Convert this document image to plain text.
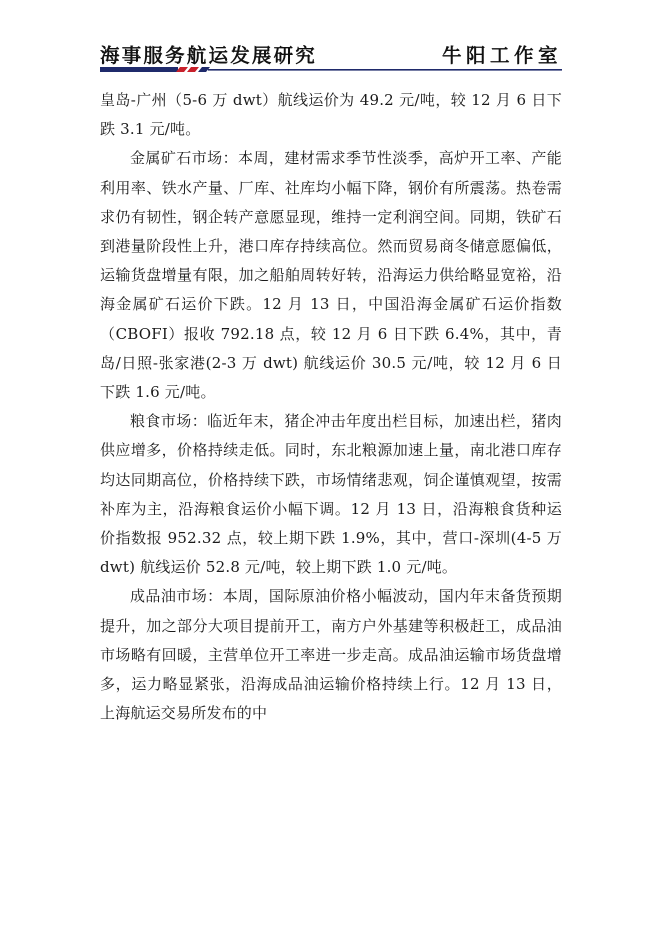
海事服务航运发展研究	牛阳工作室

皇岛-广州（5-6 万 dwt）航线运价为 49.2 元/吨，较 12 月 6 日下跌 3.1 元/吨。

金属矿石市场：本周，建材需求季节性淡季，高炉开工率、产能利用率、铁水产量、厂库、社库均小幅下降，钢价有所震荡。热卷需求仍有韧性，钢企转产意愿显现，维持一定利润空间。同期，铁矿石到港量阶段性上升，港口库存持续高位。然而贸易商冬储意愿偏低，运输货盘增量有限，加之船舶周转好转，沿海运力供给略显宽裕，沿海金属矿石运价下跌。12 月 13 日，中国沿海金属矿石运价指数（CBOFI）报收 792.18 点，较 12 月 6 日下跌 6.4%，其中，青岛/日照-张家港(2-3 万 dwt) 航线运价 30.5 元/吨，较 12 月 6 日下跌 1.6 元/吨。

粮食市场：临近年末，猪企冲击年度出栏目标，加速出栏，猪肉供应增多，价格持续走低。同时，东北粮源加速上量，南北港口库存均达同期高位，价格持续下跌，市场情绪悲观，饲企谨慎观望，按需补库为主，沿海粮食运价小幅下调。12 月 13 日，沿海粮食货种运价指数报 952.32 点，较上期下跌 1.9%，其中，营口-深圳(4-5 万 dwt) 航线运价 52.8 元/吨，较上期下跌 1.0 元/吨。

成品油市场：本周，国际原油价格小幅波动，国内年末备货预期提升，加之部分大项目提前开工，南方户外基建等积极赶工，成品油市场略有回暖，主营单位开工率进一步走高。成品油运输市场货盘增多，运力略显紧张，沿海成品油运输价格持续上行。12 月 13 日，上海航运交易所发布的中
